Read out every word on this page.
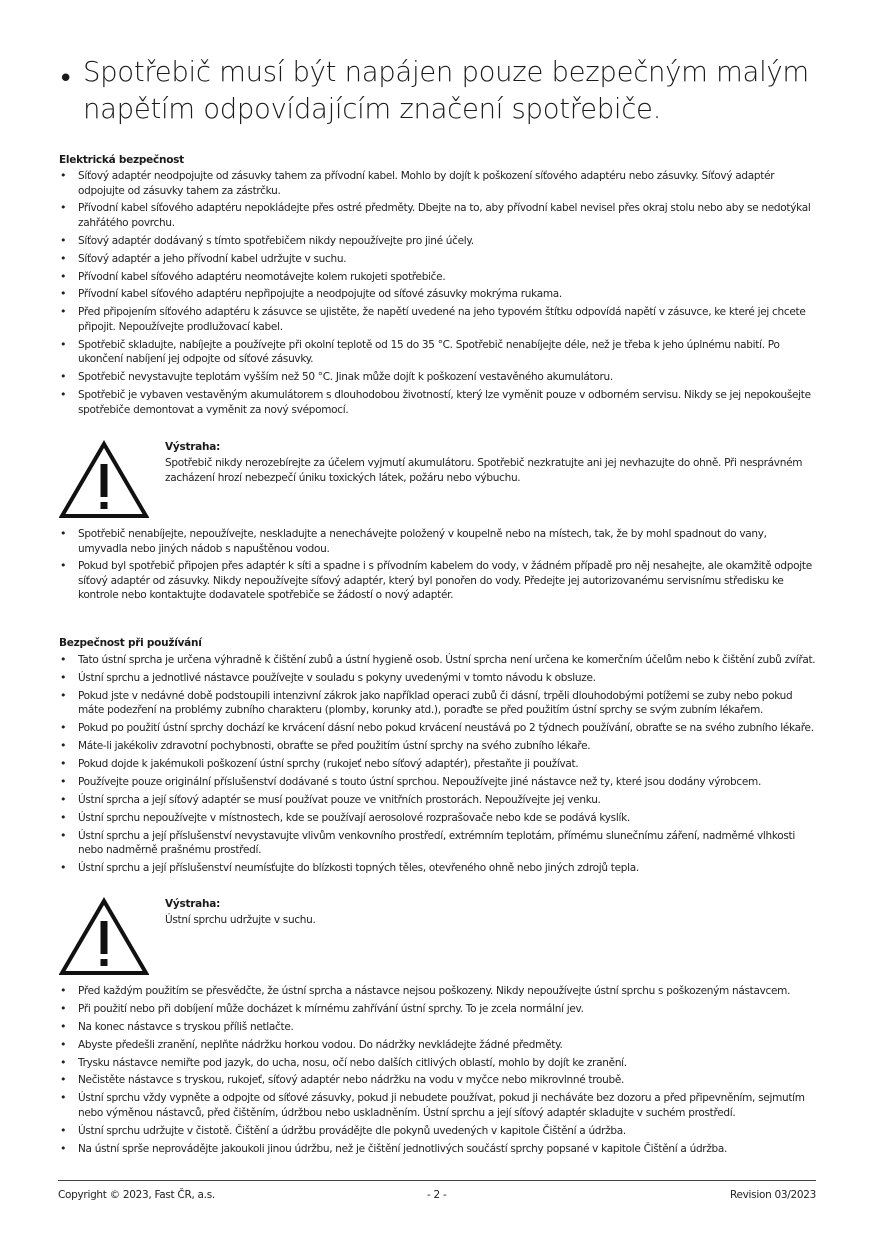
• Spotřebič musí být napájen pouze bezpečným malým napětím odpovídajícím značení spotřebiče.
Elektrická bezpečnost
• Síťový adaptér neodpojujte od zásuvky tahem za přívodní kabel. Mohlo by dojít k poškození síťového adaptéru nebo zásuvky. Síťový adaptér odpojujte od zásuvky tahem za zástrčku.
• Přívodní kabel síťového adaptéru nepokládejte přes ostré předměty. Dbejte na to, aby přívodní kabel nevisel přes okraj stolu nebo aby se nedotýkal zahřátého povrchu.
• Síťový adaptér dodávaný s tímto spotřebičem nikdy nepoužívejte pro jiné účely.
• Síťový adaptér a jeho přívodní kabel udržujte v suchu.
• Přívodní kabel síťového adaptéru neomotávejte kolem rukojeti spotřebiče.
• Přívodní kabel síťového adaptéru nepřipojujte a neodpojujte od síťové zásuvky mokrýma rukama.
• Před připojením síťového adaptéru k zásuvce se ujistěte, že napětí uvedené na jeho typovém štítku odpovídá napětí v zásuvce, ke které jej chcete připojit. Nepoužívejte prodlužovací kabel.
• Spotřebič skladujte, nabíjejte a používejte při okolní teplotě od 15 do 35 °C. Spotřebič nenabíjejte déle, než je třeba k jeho úplnému nabití. Po ukončení nabíjení jej odpojte od síťové zásuvky.
• Spotřebič nevystavujte teplotám vyšším než 50 °C. Jinak může dojít k poškození vestavěného akumulátoru.
• Spotřebič je vybaven vestavěným akumulátorem s dlouhodobou životností, který lze vyměnit pouze v odborném servisu. Nikdy se jej nepokoušejte spotřebiče demontovat a vyměnit za nový svépomocí.
Výstraha:
Spotřebič nikdy nerozebírejte za účelem vyjmutí akumulátoru. Spotřebič nezkratujte ani jej nevhazujte do ohně. Při nesprávném zacházení hrozí nebezpečí úniku toxických látek, požáru nebo výbuchu.
• Spotřebič nenabíjejte, nepoužívejte, neskladujte a nenechávejte položený v koupelně nebo na místech, tak, že by mohl spadnout do vany, umyvadla nebo jiných nádob s napuštěnou vodou.
• Pokud byl spotřebič připojen přes adaptér k síti a spadne i s přívodním kabelem do vody, v žádném případě pro něj nesahejte, ale okamžitě odpojte síťový adaptér od zásuvky. Nikdy nepoužívejte síťový adaptér, který byl ponořen do vody. Předejte jej autorizovanému servisnímu středisku ke kontrole nebo kontaktujte dodavatele spotřebiče se žádostí o nový adaptér.
Bezpečnost při používání
• Tato ústní sprcha je určena výhradně k čištění zubů a ústní hygieně osob. Ústní sprcha není určena ke komerčním účelům nebo k čištění zubů zvířat.
• Ústní sprchu a jednotlivé nástavce používejte v souladu s pokyny uvedenými v tomto návodu k obsluze.
• Pokud jste v nedávné době podstoupili intenzivní zákrok jako například operaci zubů či dásní, trpěli dlouhodobými potížemi se zuby nebo pokud máte podezření na problémy zubního charakteru (plomby, korunky atd.), poraďte se před použitím ústní sprchy se svým zubním lékařem.
• Pokud po použití ústní sprchy dochází ke krvácení dásní nebo pokud krvácení neustává po 2 týdnech používání, obraťte se na svého zubního lékaře.
• Máte-li jakékoliv zdravotní pochybnosti, obraťte se před použitím ústní sprchy na svého zubního lékaře.
• Pokud dojde k jakémukoli poškození ústní sprchy (rukojeť nebo síťový adaptér), přestaňte ji používat.
• Používejte pouze originální příslušenství dodávané s touto ústní sprchou. Nepoužívejte jiné nástavce než ty, které jsou dodány výrobcem.
• Ústní sprcha a její síťový adaptér se musí používat pouze ve vnitřních prostorách. Nepoužívejte jej venku.
• Ústní sprchu nepoužívejte v místnostech, kde se používají aerosolové rozprašovače nebo kde se podává kyslík.
• Ústní sprchu a její příslušenství nevystavujte vlivům venkovního prostředí, extrémním teplotám, přímému slunečnímu záření, nadměrné vlhkosti nebo nadměrně prašnému prostředí.
• Ústní sprchu a její příslušenství neumísťujte do blízkosti topných těles, otevřeného ohně nebo jiných zdrojů tepla.
Výstraha:
Ústní sprchu udržujte v suchu.
• Před každým použitím se přesvědčte, že ústní sprcha a nástavce nejsou poškozeny. Nikdy nepoužívejte ústní sprchu s poškozeným nástavcem.
• Při použití nebo při dobíjení může docházet k mírnému zahřívání ústní sprchy. To je zcela normální jev.
• Na konec nástavce s tryskou příliš netlačte.
• Abyste předešli zranění, neplňte nádržku horkou vodou. Do nádržky nevkládejte žádné předměty.
• Trysku nástavce nemiřte pod jazyk, do ucha, nosu, očí nebo dalších citlivých oblastí, mohlo by dojít ke zranění.
• Nečistěte nástavce s tryskou, rukojeť, síťový adaptér nebo nádržku na vodu v myčce nebo mikrovlnné troubě.
• Ústní sprchu vždy vypněte a odpojte od síťové zásuvky, pokud ji nebudete používat, pokud ji necháváte bez dozoru a před připevněním, sejmutím nebo výměnou nástavců, před čištěním, údržbou nebo uskladněním. Ústní sprchu a její síťový adaptér skladujte v suchém prostředí.
• Ústní sprchu udržujte v čistotě. Čištění a údržbu provádějte dle pokynů uvedených v kapitole Čištění a údržba.
• Na ústní sprše neprovádějte jakoukoli jinou údržbu, než je čištění jednotlivých součástí sprchy popsané v kapitole Čištění a údržba.
Copyright © 2023, Fast ČR, a.s.	- 2 -	Revision 03/2023
